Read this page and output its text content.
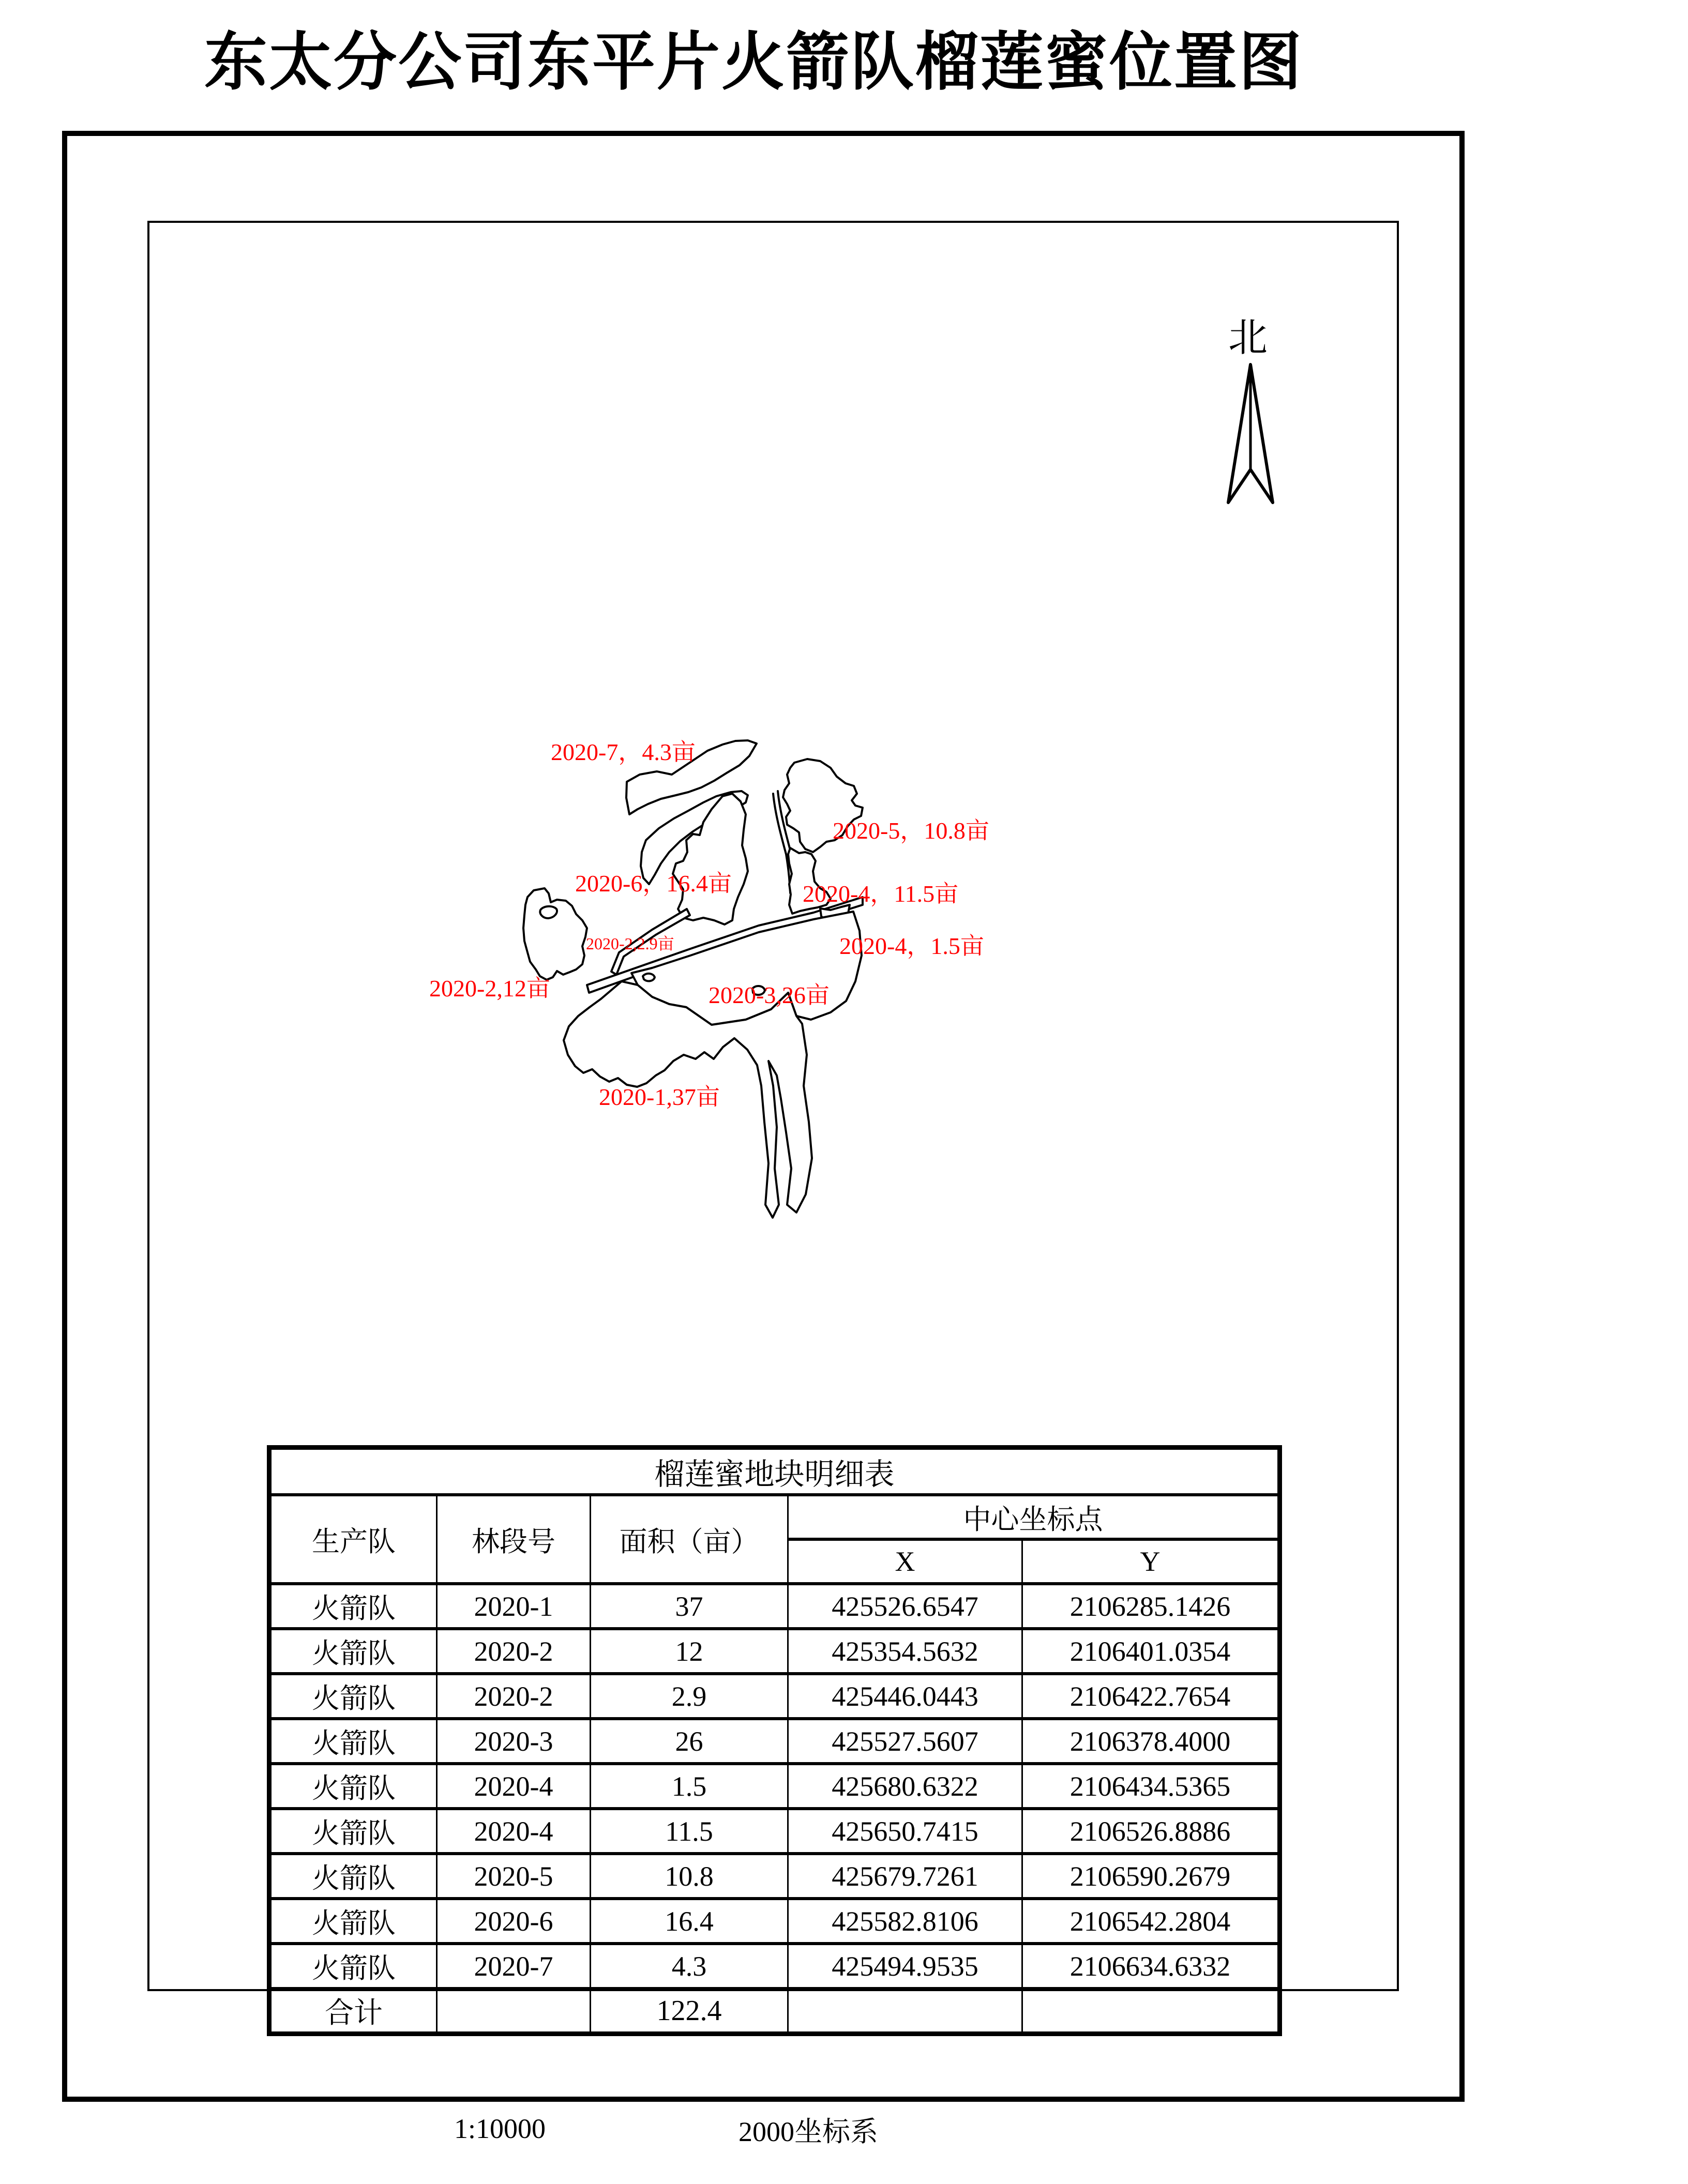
东太分公司东平片火箭队榴莲蜜位置图
北
2020-7，4.3亩
2020-5，10.8亩
2020-6，16.4亩	2020-4，11.5亩
2020-2,2.9亩	2020-4，1.5亩
2020-2,12亩	2020-3,26亩
2020-1,37亩
榴莲蜜地块明细表				
生产队	林段号	面积（亩）	中心坐标点	
			X	Y
火箭队	2020-1	37	425526.6547	2106285.1426
火箭队	2020-2	12	425354.5632	2106401.0354
火箭队	2020-2	2.9	425446.0443	2106422.7654
火箭队	2020-3	26	425527.5607	2106378.4000
火箭队	2020-4	1.5	425680.6322	2106434.5365
火箭队	2020-4	11.5	425650.7415	2106526.8886
火箭队	2020-5	10.8	425679.7261	2106590.2679
火箭队	2020-6	16.4	425582.8106	2106542.2804
火箭队	2020-7	4.3	425494.9535	2106634.6332
合计		122.4		
1:10000	2000坐标系
